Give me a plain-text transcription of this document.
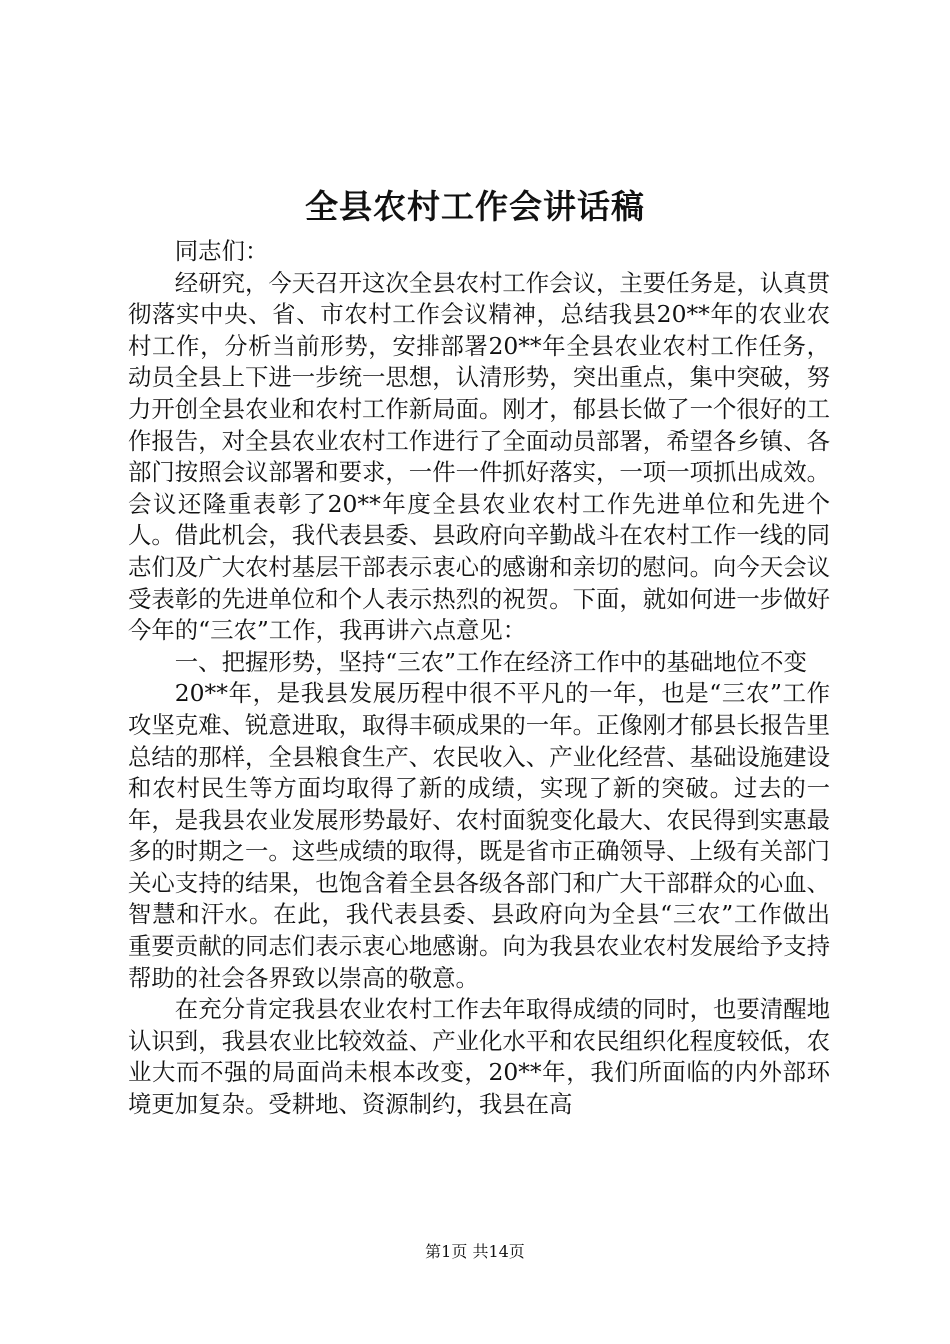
全县农村工作会讲话稿

同志们：

经研究，今天召开这次全县农村工作会议，主要任务是，认真贯彻落实中央、省、市农村工作会议精神，总结我县20**年的农业农村工作，分析当前形势，安排部署20**年全县农业农村工作任务，动员全县上下进一步统一思想，认清形势，突出重点，集中突破，努力开创全县农业和农村工作新局面。刚才，郁县长做了一个很好的工作报告，对全县农业农村工作进行了全面动员部署，希望各乡镇、各部门按照会议部署和要求，一件一件抓好落实，一项一项抓出成效。会议还隆重表彰了20**年度全县农业农村工作先进单位和先进个人。借此机会，我代表县委、县政府向辛勤战斗在农村工作一线的同志们及广大农村基层干部表示衷心的感谢和亲切的慰问。向今天会议受表彰的先进单位和个人表示热烈的祝贺。下面，就如何进一步做好今年的“三农”工作，我再讲六点意见：

一、把握形势，坚持“三农”工作在经济工作中的基础地位不变

20**年，是我县发展历程中很不平凡的一年，也是“三农”工作攻坚克难、锐意进取，取得丰硕成果的一年。正像刚才郁县长报告里总结的那样，全县粮食生产、农民收入、产业化经营、基础设施建设和农村民生等方面均取得了新的成绩，实现了新的突破。过去的一年，是我县农业发展形势最好、农村面貌变化最大、农民得到实惠最多的时期之一。这些成绩的取得，既是省市正确领导、上级有关部门关心支持的结果，也饱含着全县各级各部门和广大干部群众的心血、智慧和汗水。在此，我代表县委、县政府向为全县“三农”工作做出重要贡献的同志们表示衷心地感谢。向为我县农业农村发展给予支持帮助的社会各界致以崇高的敬意。

在充分肯定我县农业农村工作去年取得成绩的同时，也要清醒地认识到，我县农业比较效益、产业化水平和农民组织化程度较低，农业大而不强的局面尚未根本改变，20**年，我们所面临的内外部环境更加复杂。受耕地、资源制约，我县在高

第1页 共14页
